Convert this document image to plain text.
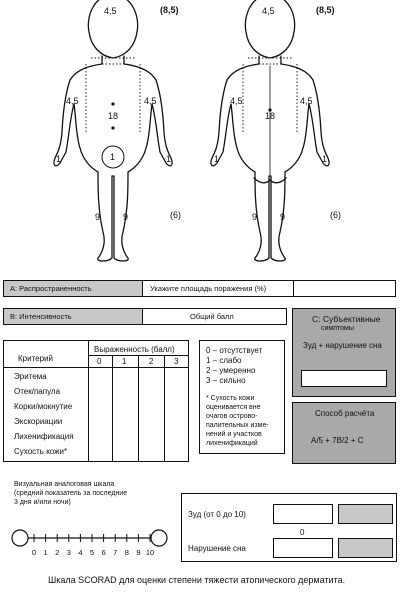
4,5	(8,5)
4,5	4,5
18
1	1
1
9	9	(6)
4,5	(8,5)
4,5	4,5
18
1	1
9	9	(6)
A: Распространенность	Укажите площадь поражения (%)
B: Интенсивность	Общий балл
Критерий
Выраженность (балл)
0	1	2	3
Эритема
Отек/папула
Корки/мокнутие
Экскориации
Лихенификация
Сухость кожи*
0 – отсутствует
1 – слабо
2 – умеренно
3 – сильно
* Сухость кожи
оценивается вне
очагов острово-
палительных изме-
нений и участков
лихенификаций
C: Субъективные
симптомы
Зуд + нарушение сна
Способ расчёта
A/5 + 7B/2 + C
Визуальная аналоговая шкала
(средний показатель за последние
3 дня и/или ночи)
0 1 2 3 4 5 6 7 8 9 10
Зуд (от 0 до 10)
0
Нарушение сна
Шкала SCORAD для оценки степени тяжести атопического дерматита.
